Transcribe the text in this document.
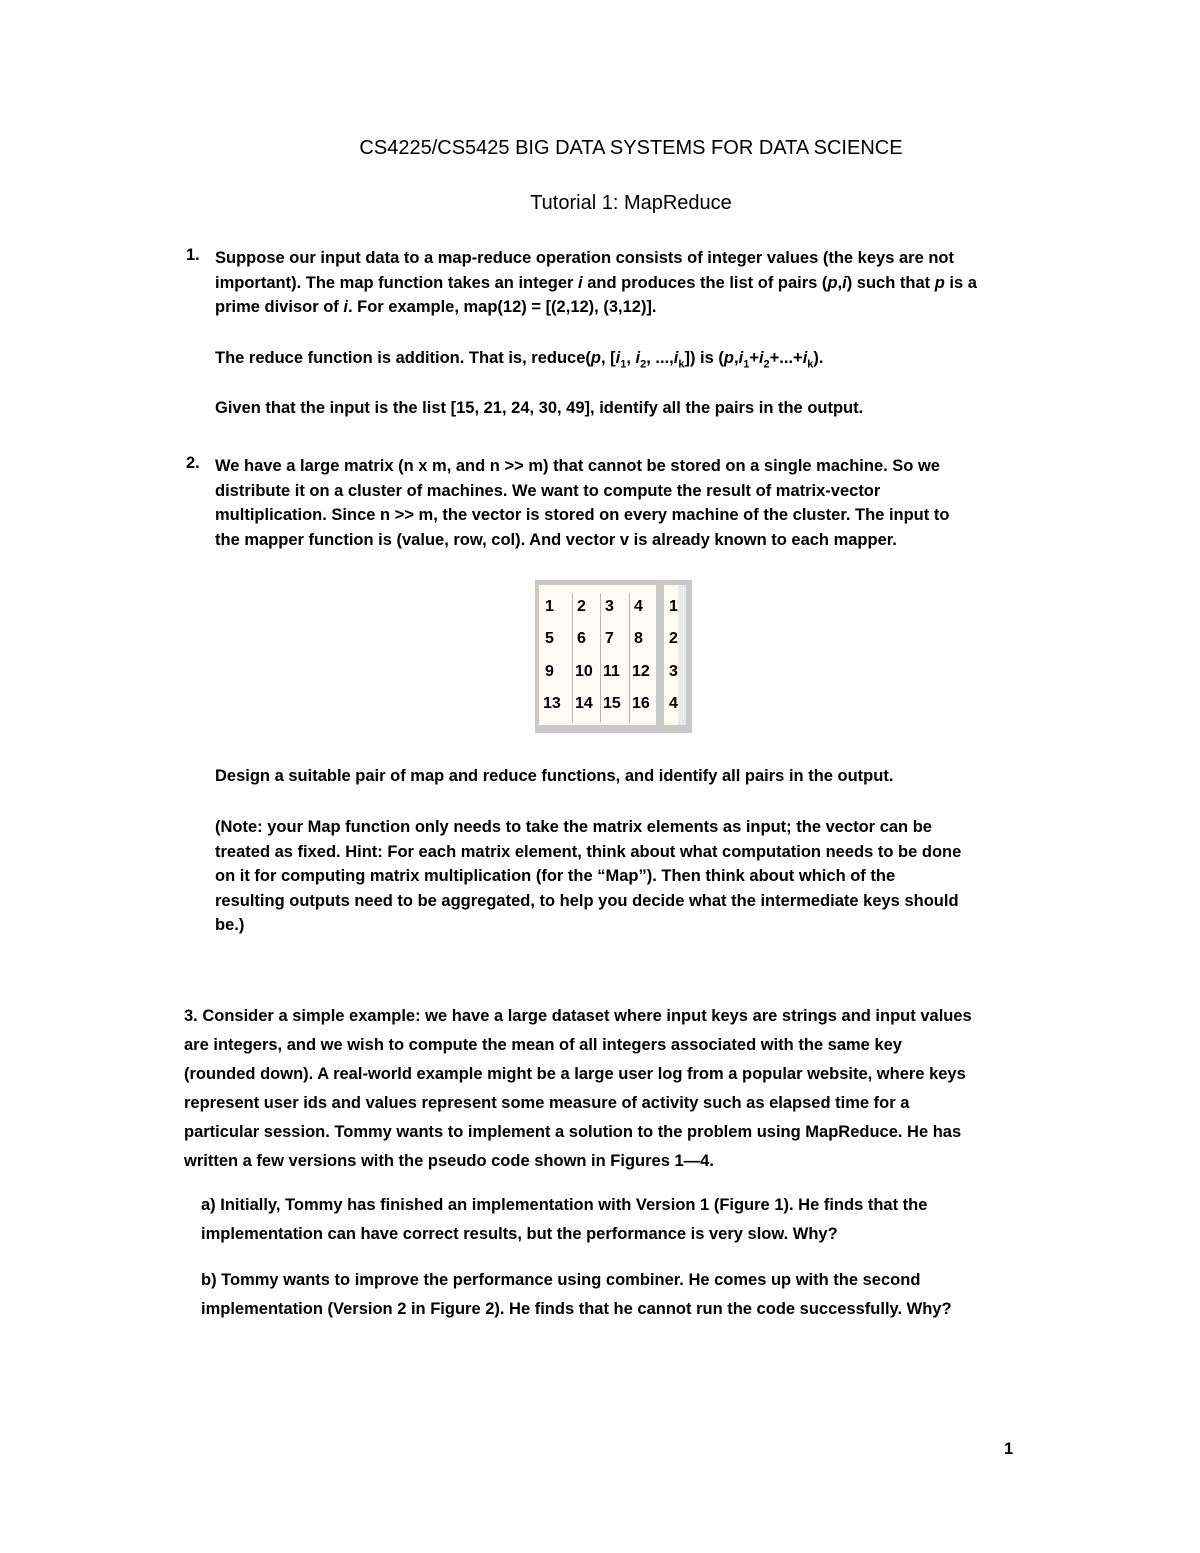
CS4225/CS5425 BIG DATA SYSTEMS FOR DATA SCIENCE
Tutorial 1: MapReduce
1. Suppose our input data to a map-reduce operation consists of integer values (the keys are not
important). The map function takes an integer i and produces the list of pairs (p,i) such that p is a
prime divisor of i. For example, map(12) = [(2,12), (3,12)].
The reduce function is addition. That is, reduce(p, [$i_1$, $i_2$, $...,i_k$]) is $(p,i_1+i_2+...+i_k)$.
Given that the input is the list [15, 21, 24, 30, 49], identify all the pairs in the output.
2. We have a large matrix (n x m, and n >> m) that cannot be stored on a single machine. So we
distribute it on a cluster of machines. We want to compute the result of matrix-vector
multiplication. Since n >> m, the vector is stored on every machine of the cluster. The input to
the mapper function is (value, row, col). And vector v is already known to each mapper.
1 2 3 4
5 6 7 8
9 10 11 12
13 14 15 16
1
2
3
4
Design a suitable pair of map and reduce functions, and identify all pairs in the output.
(Note: your Map function only needs to take the matrix elements as input; the vector can be
treated as fixed. Hint: For each matrix element, think about what computation needs to be done
on it for computing matrix multiplication (for the “Map”). Then think about which of the
resulting outputs need to be aggregated, to help you decide what the intermediate keys should
be.)
3. Consider a simple example: we have a large dataset where input keys are strings and input values
are integers, and we wish to compute the mean of all integers associated with the same key
(rounded down). A real-world example might be a large user log from a popular website, where keys
represent user ids and values represent some measure of activity such as elapsed time for a
particular session. Tommy wants to implement a solution to the problem using MapReduce. He has
written a few versions with the pseudo code shown in Figures 1—4.
a) Initially, Tommy has finished an implementation with Version 1 (Figure 1). He finds that the
implementation can have correct results, but the performance is very slow. Why?
b) Tommy wants to improve the performance using combiner. He comes up with the second
implementation (Version 2 in Figure 2). He finds that he cannot run the code successfully. Why?
1
